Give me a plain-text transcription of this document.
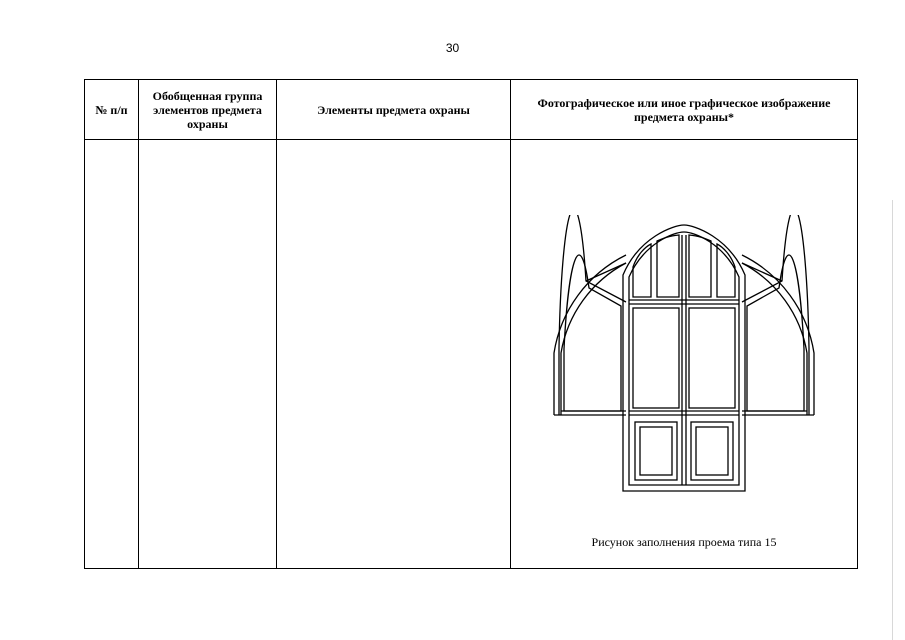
30
№ п/п	Обобщенная группа элементов предмета охраны	Элементы предмета охраны	Фотографическое или иное графическое изображение предмета охраны*

			Рисунок заполнения проема типа 15
